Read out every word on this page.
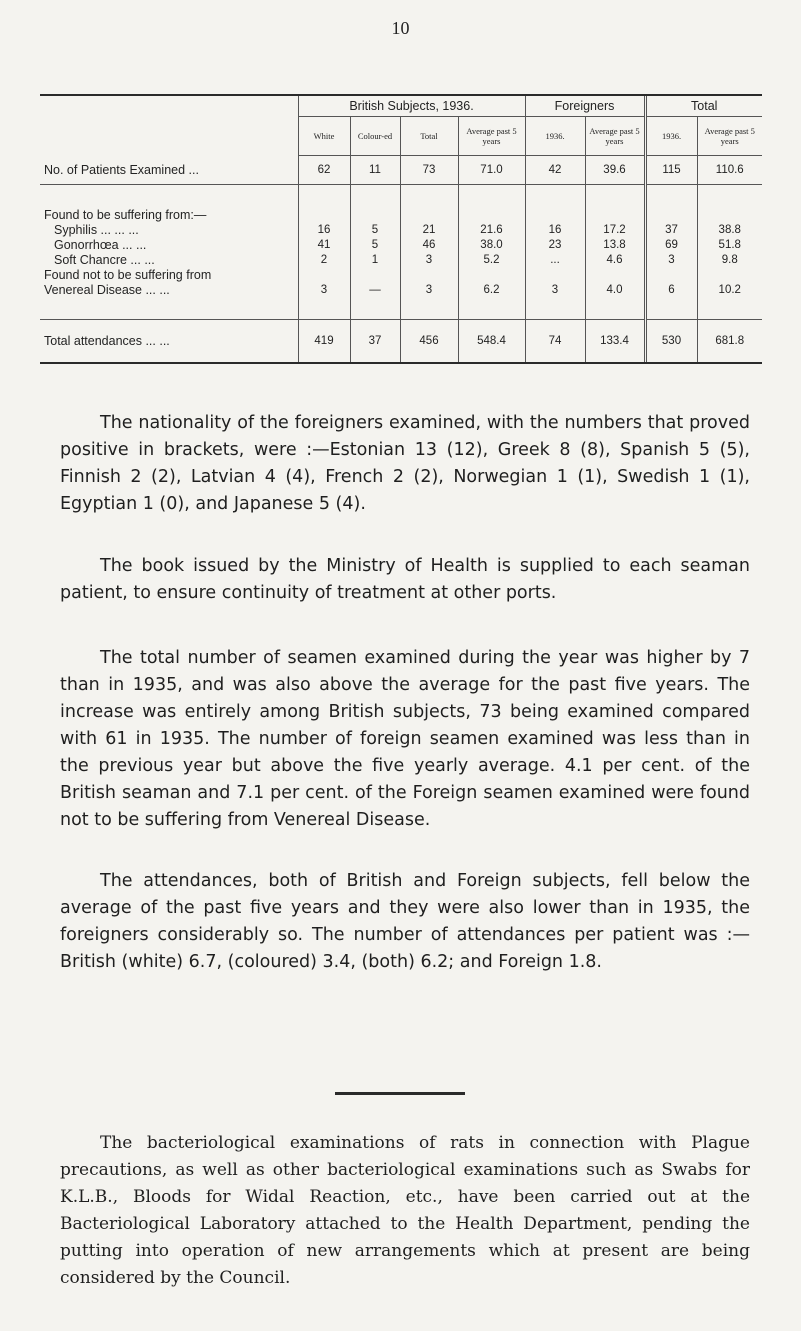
10
	British Subjects, 1936.				Foreigners		Total	
	White	Colour-ed	Total	Average past 5 years	1936.	Average past 5 years	1936.	Average past 5 years
No. of Patients Examined ...	62	11	73	71.0	42	39.6	115	110.6

Found to be suffering from:—								
Syphilis ... ... ...	16	5	21	21.6	16	17.2	37	38.8
Gonorrhœa ... ...	41	5	46	38.0	23	13.8	69	51.8
Soft Chancre ... ...	2	1	3	5.2	...	4.6	3	9.8
Found not to be suffering from								
Venereal Disease ... ...	3	—	3	6.2	3	4.0	6	10.2

Total attendances ... ...	419	37	456	548.4	74	133.4	530	681.8

The nationality of the foreigners examined, with the numbers that proved positive in brackets, were :—Estonian 13 (12), Greek 8 (8), Spanish 5 (5), Finnish 2 (2), Latvian 4 (4), French 2 (2), Norwegian 1 (1), Swedish 1 (1), Egyptian 1 (0), and Japanese 5 (4).

The book issued by the Ministry of Health is supplied to each seaman patient, to ensure continuity of treatment at other ports.

The total number of seamen examined during the year was higher by 7 than in 1935, and was also above the average for the past five years. The increase was entirely among British subjects, 73 being examined compared with 61 in 1935. The number of foreign seamen examined was less than in the previous year but above the five yearly average. 4.1 per cent. of the British seaman and 7.1 per cent. of the Foreign seamen examined were found not to be suffering from Venereal Disease.

The attendances, both of British and Foreign subjects, fell below the average of the past five years and they were also lower than in 1935, the foreigners considerably so. The number of attendances per patient was :—British (white) 6.7, (coloured) 3.4, (both) 6.2; and Foreign 1.8.

The bacteriological examinations of rats in connection with Plague precautions, as well as other bacteriological examinations such as Swabs for K.L.B., Bloods for Widal Reaction, etc., have been carried out at the Bacteriological Laboratory attached to the Health Department, pending the putting into operation of new arrangements which at present are being considered by the Council.
